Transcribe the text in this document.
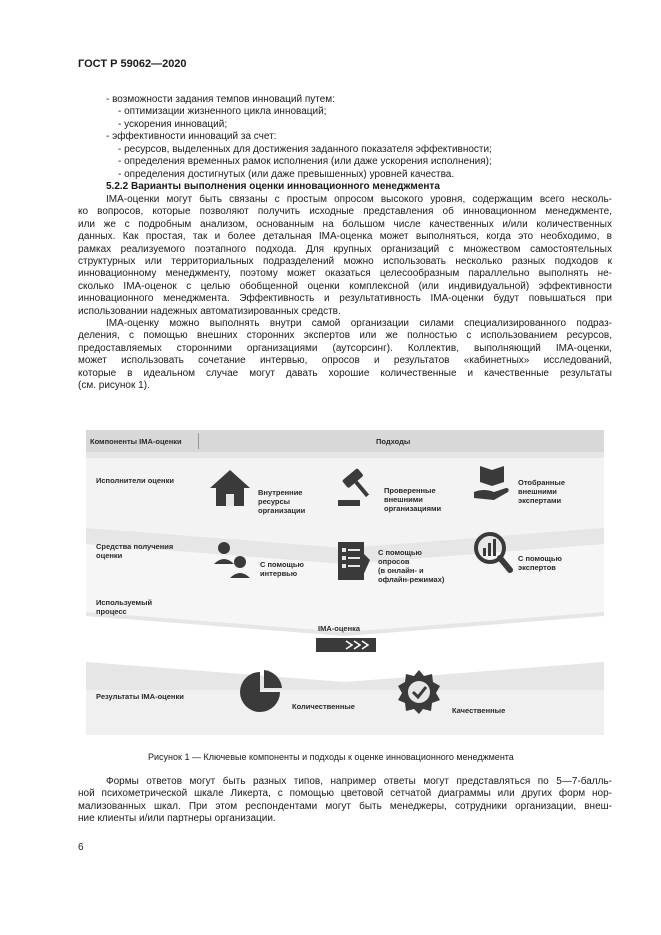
ГОСТ Р 59062—2020
- возможности задания темпов инноваций путем:
- оптимизации жизненного цикла инноваций;
- ускорения инноваций;
- эффективности инноваций за счет:
- ресурсов, выделенных для достижения заданного показателя эффективности;
- определения временных рамок исполнения (или даже ускорения исполнения);
- определения достигнутых (или даже превышенных) уровней качества.
5.2.2 Варианты выполнения оценки инновационного менеджмента
IMA-оценки могут быть связаны с простым опросом высокого уровня, содержащим всего несколь-
ко вопросов, которые позволяют получить исходные представления об инновационном менеджменте,
или же с подробным анализом, основанным на большом числе качественных и/или количественных
данных. Как простая, так и более детальная IMA-оценка может выполняться, когда это необходимо, в
рамках реализуемого поэтапного подхода. Для крупных организаций с множеством самостоятельных
структурных или территориальных подразделений можно использовать несколько разных подходов к
инновационному менеджменту, поэтому может оказаться целесообразным параллельно выполнять не-
сколько IMA-оценок с целью обобщенной оценки комплексной (или индивидуальной) эффективности
инновационного менеджмента. Эффективность и результативность IMA-оценки будут повышаться при
использовании надежных автоматизированных средств.
IMA-оценку можно выполнять внутри самой организации силами специализированного подраз-
деления, с помощью внешних сторонних экспертов или же полностью с использованием ресурсов,
предоставляемых сторонними организациями (аутсорсинг). Коллектив, выполняющий IMA-оценки,
может использовать сочетание интервью, опросов и результатов «кабинетных» исследований,
которые в идеальном случае могут давать хорошие количественные и качественные результаты
(см. рисунок 1).
Компоненты IMA-оценки	Подходы
Исполнители оценки
Средства получения
оценки
Используемый
процесс
Результаты IMA-оценки
Внутренние
ресурсы
организации
Проверенные
внешними
организациями
Отобранные
внешними
экспертами
С помощью
интервью
С помощью
опросов
(в онлайн- и
офлайн-режимах)
С помощью
экспертов
IMA-оценка
Количественные	Качественные
Рисунок 1 — Ключевые компоненты и подходы к оценке инновационного менеджмента
Формы ответов могут быть разных типов, например ответы могут представляться по 5—7-балль-
ной психометрической шкале Ликерта, с помощью цветовой сетчатой диаграммы или других форм нор-
мализованных шкал. При этом респондентами могут быть менеджеры, сотрудники организации, внеш-
ние клиенты и/или партнеры организации.
6
